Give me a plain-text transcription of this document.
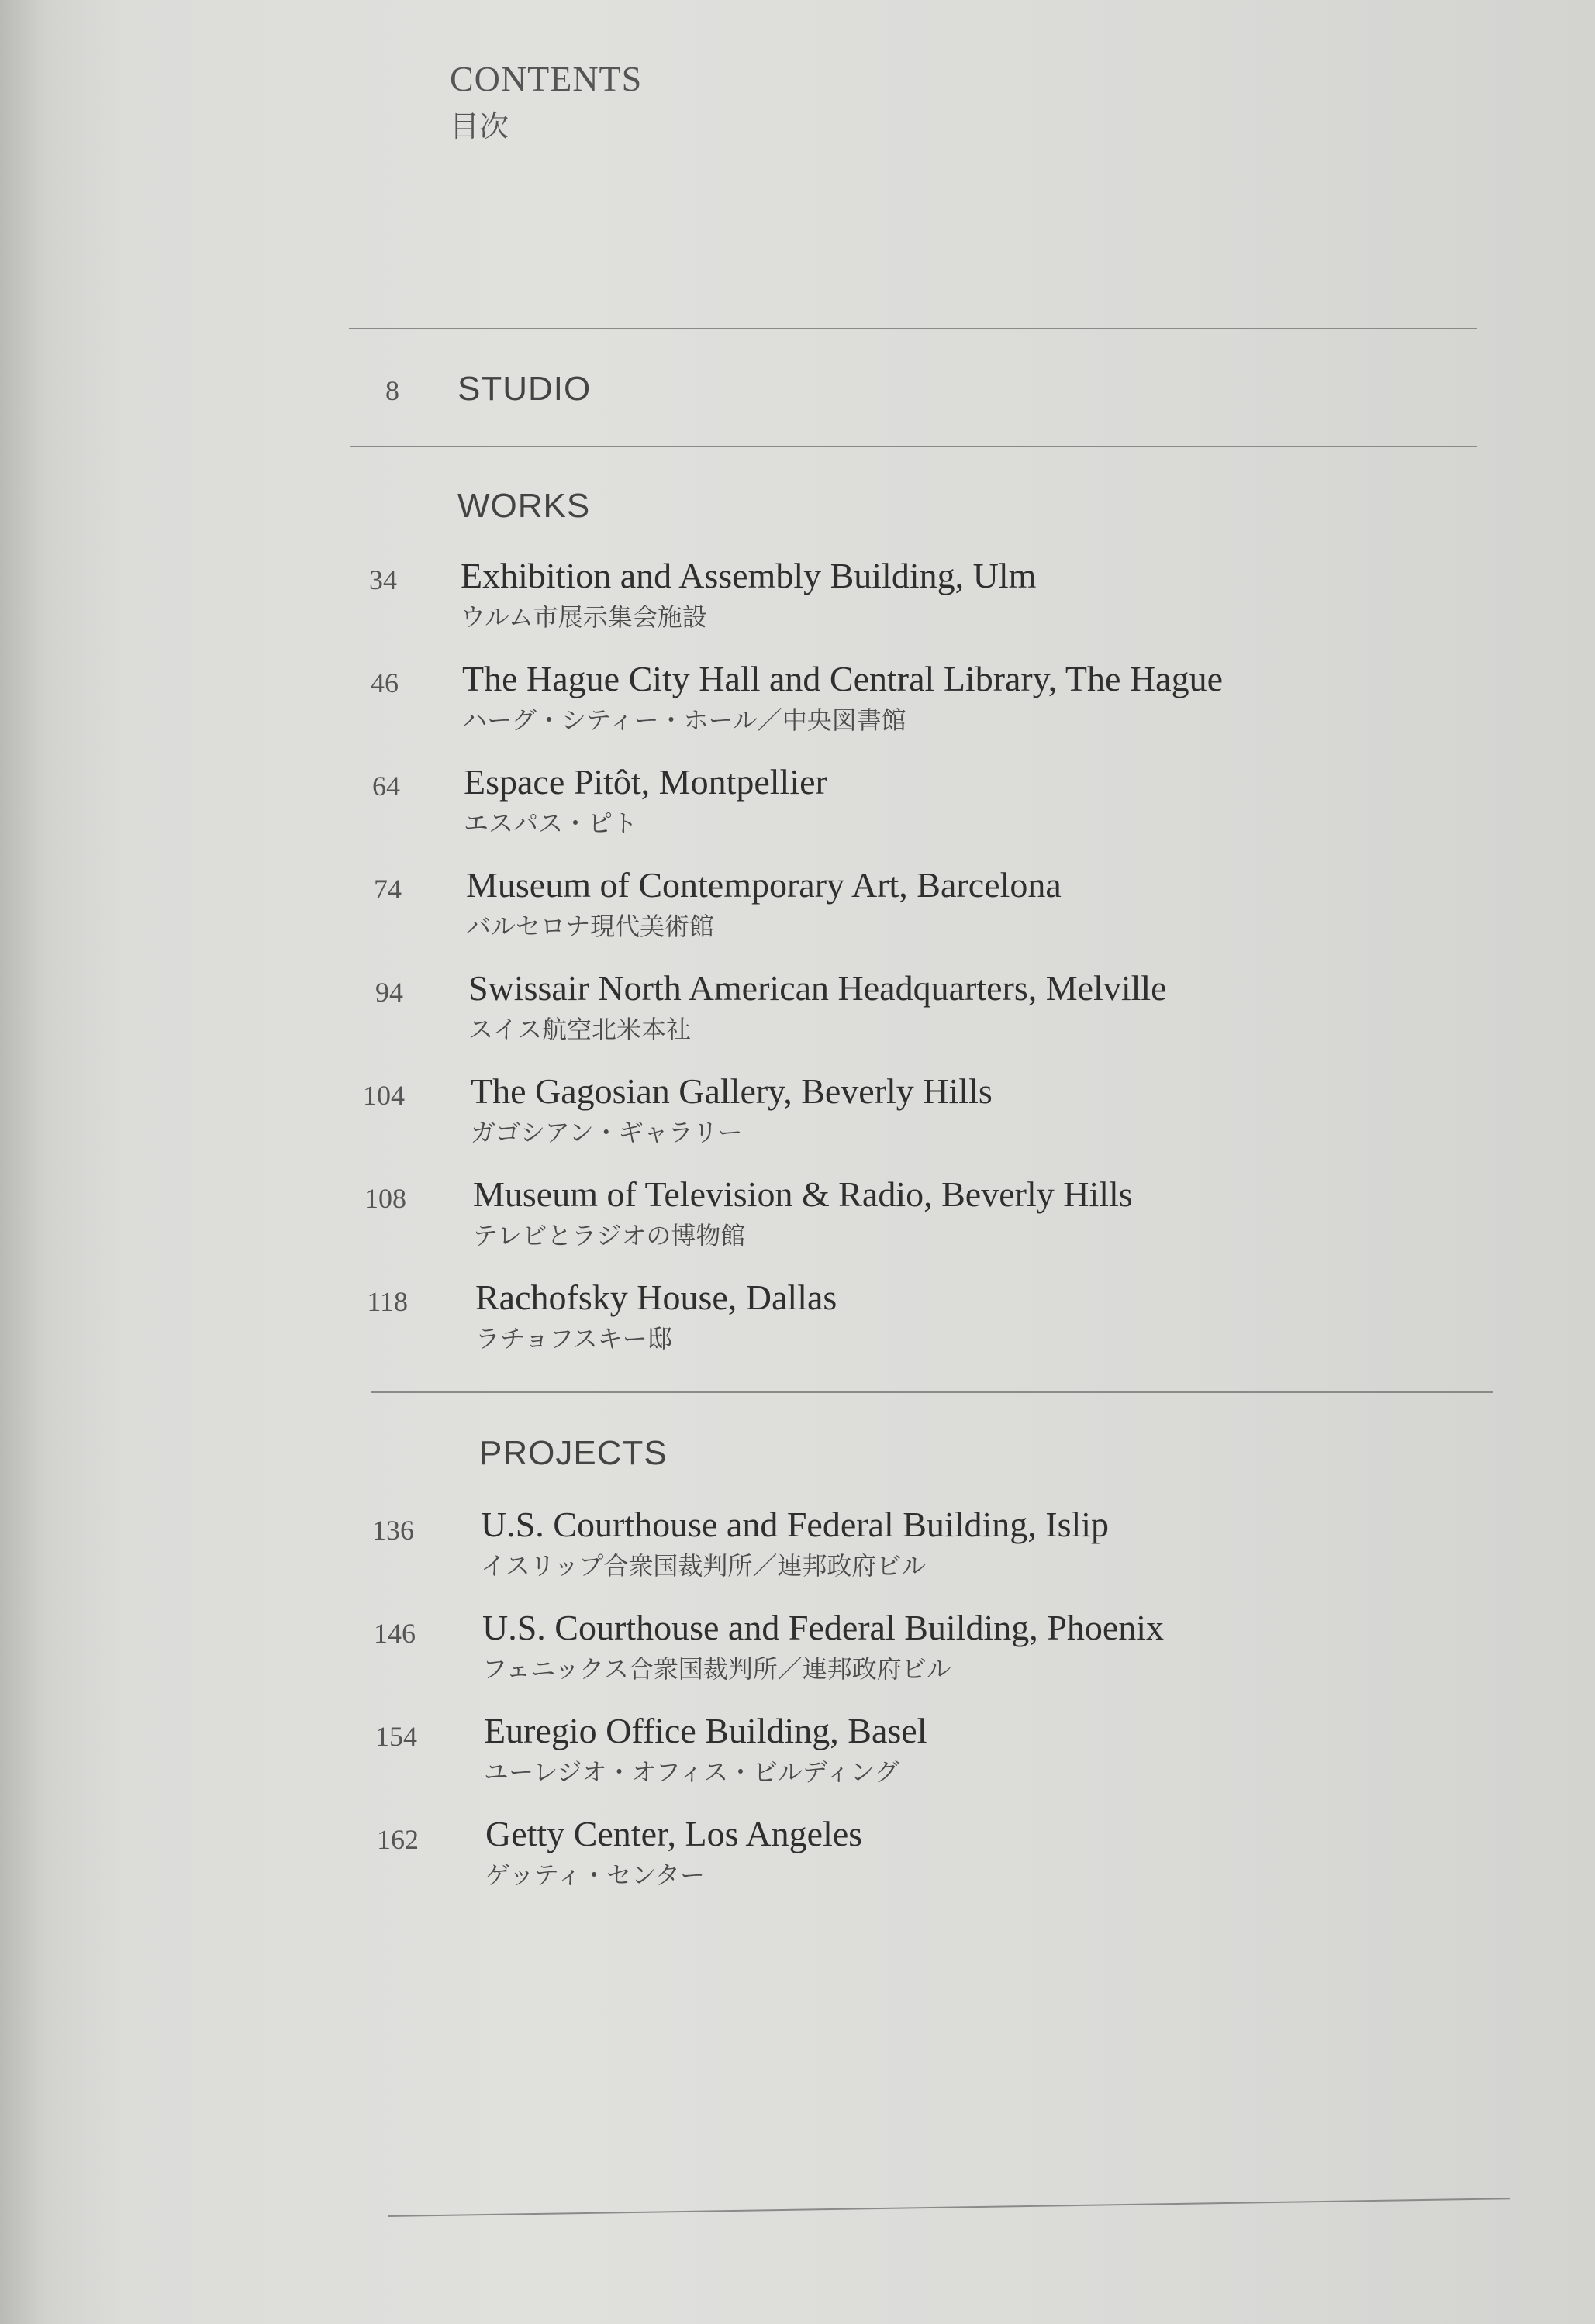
CONTENTS
目次
8 STUDIO
WORKS
34 Exhibition and Assembly Building, Ulm
ウルム市展示集会施設
46 The Hague City Hall and Central Library, The Hague
ハーグ・シティー・ホール／中央図書館
64 Espace Pitôt, Montpellier
エスパス・ピト
74 Museum of Contemporary Art, Barcelona
バルセロナ現代美術館
94 Swissair North American Headquarters, Melville
スイス航空北米本社
104 The Gagosian Gallery, Beverly Hills
ガゴシアン・ギャラリー
108 Museum of Television & Radio, Beverly Hills
テレビとラジオの博物館
118 Rachofsky House, Dallas
ラチョフスキー邸
PROJECTS
136 U.S. Courthouse and Federal Building, Islip
イスリップ合衆国裁判所／連邦政府ビル
146 U.S. Courthouse and Federal Building, Phoenix
フェニックス合衆国裁判所／連邦政府ビル
154 Euregio Office Building, Basel
ユーレジオ・オフィス・ビルディング
162 Getty Center, Los Angeles
ゲッティ・センター
